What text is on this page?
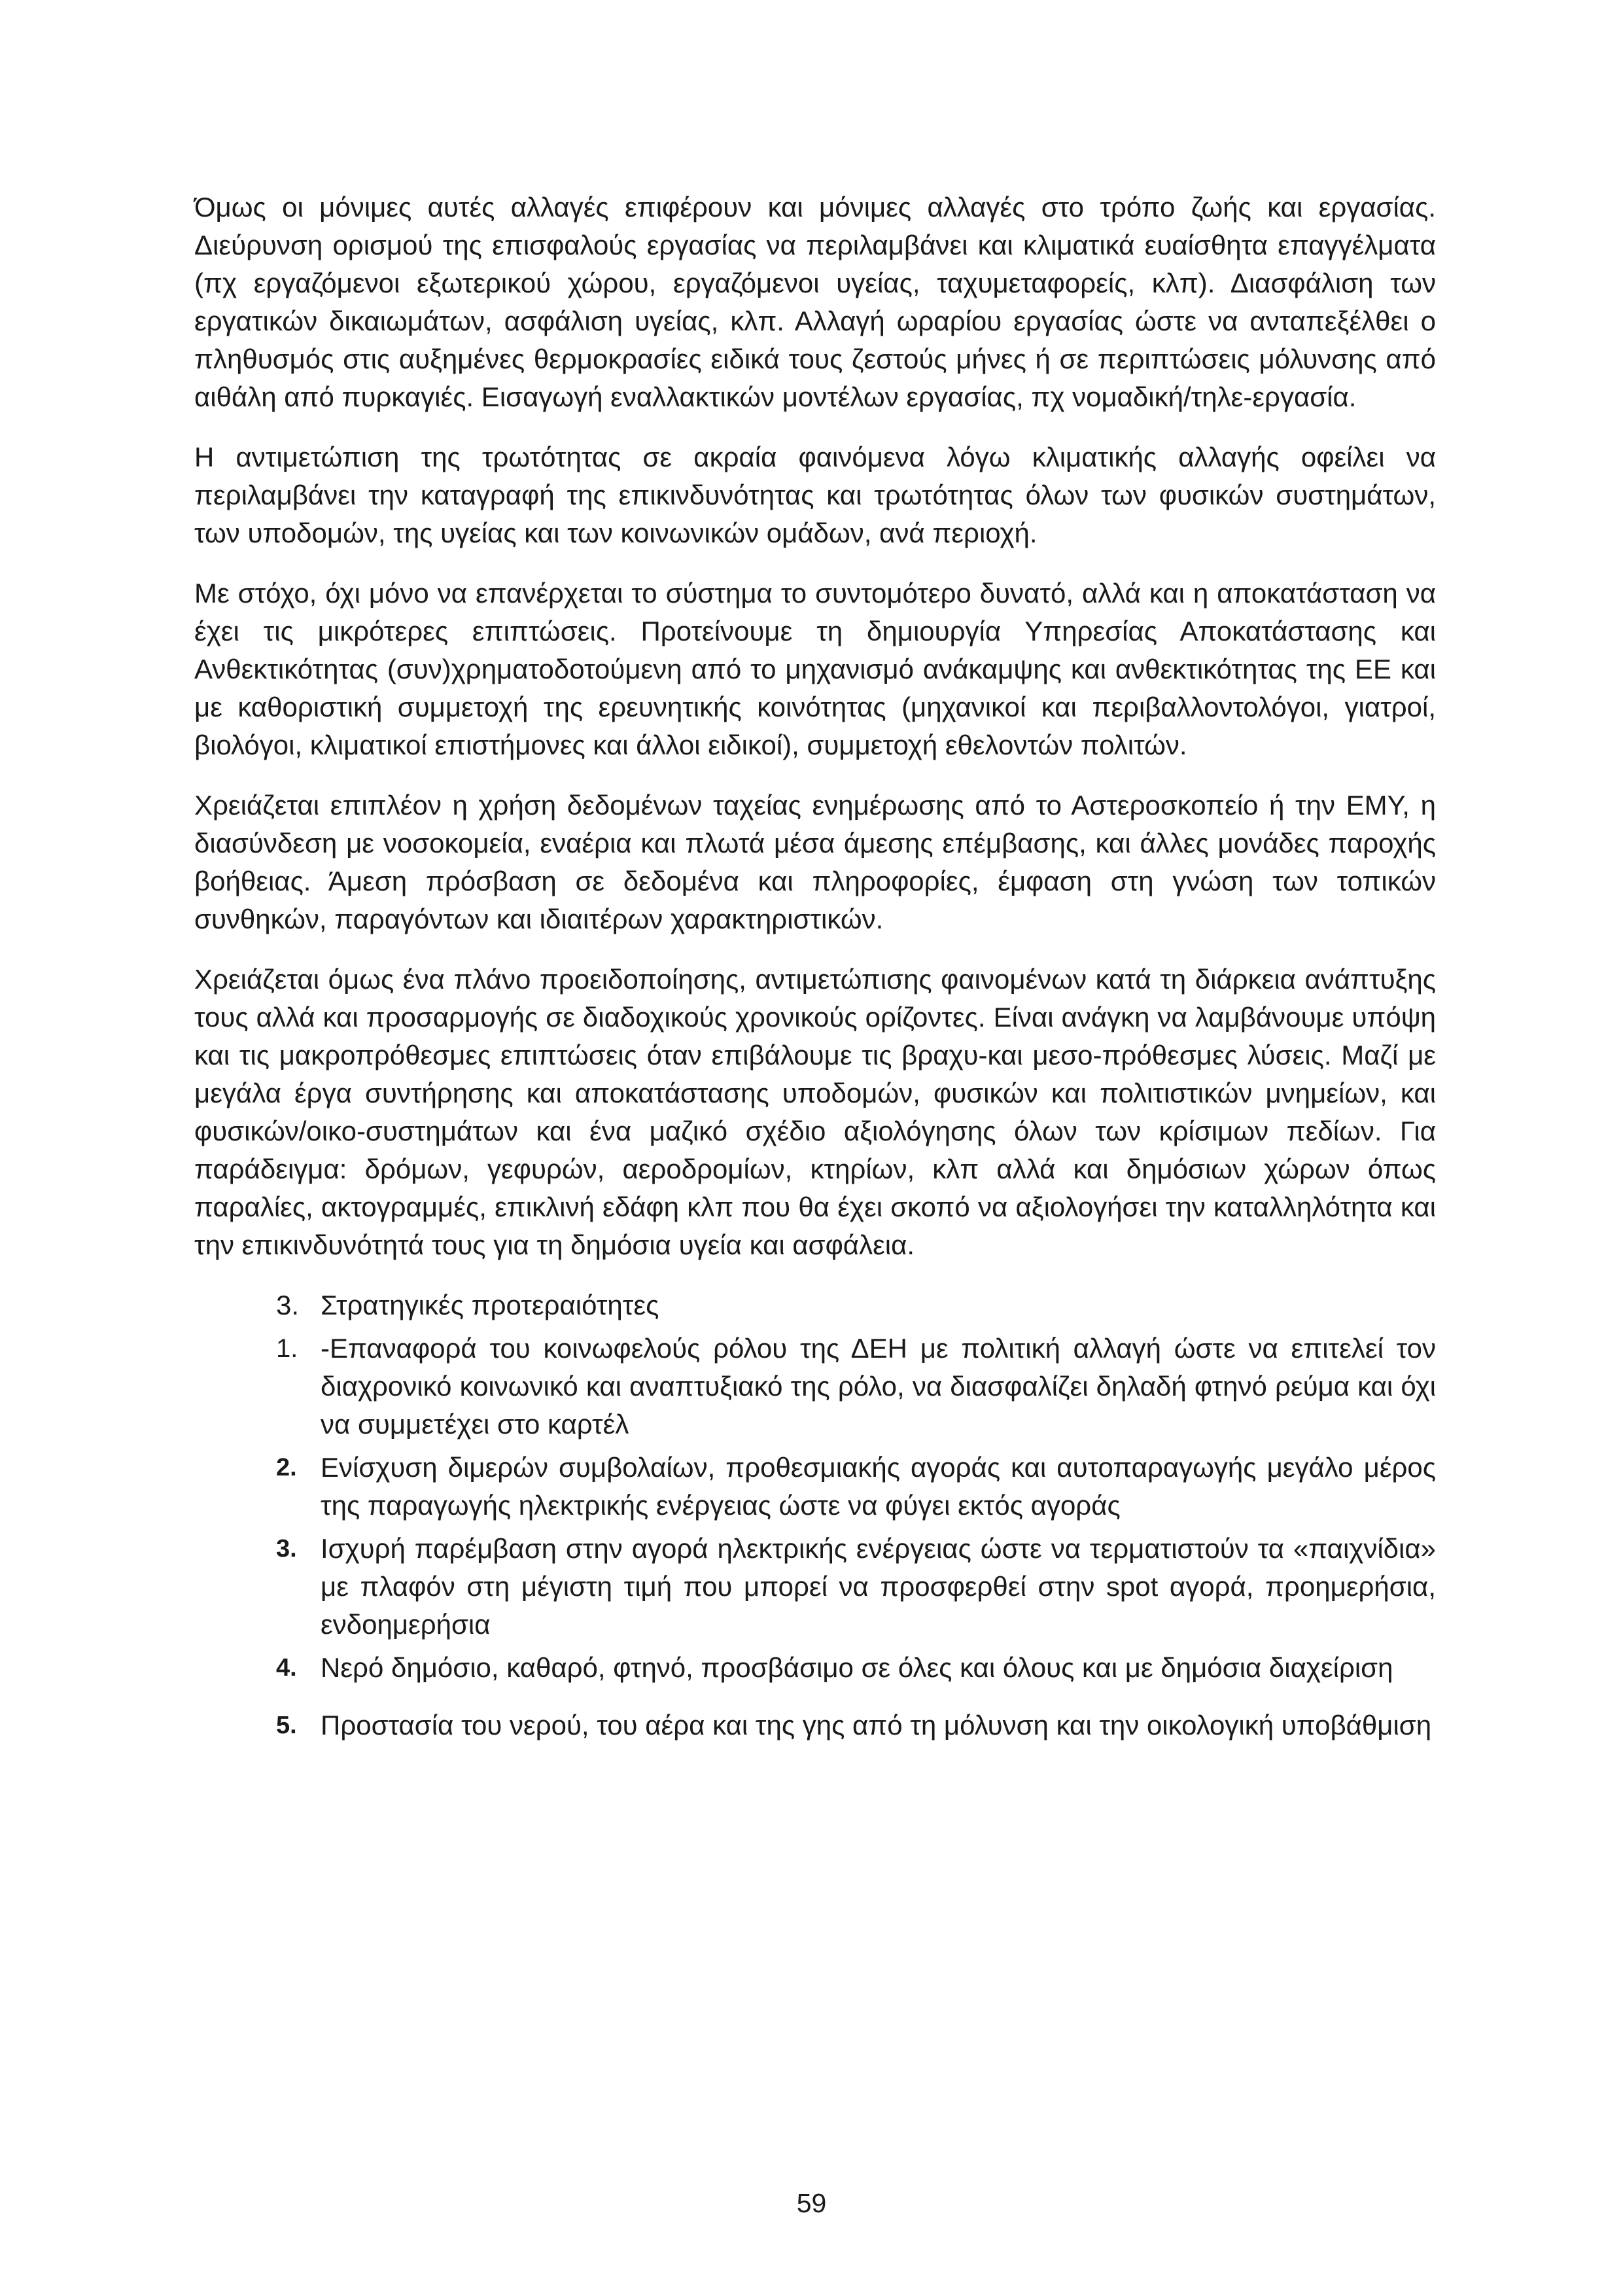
Όμως οι μόνιμες αυτές αλλαγές επιφέρουν και μόνιμες αλλαγές στο τρόπο ζωής και εργασίας. Διεύρυνση ορισμού της επισφαλούς εργασίας να περιλαμβάνει και κλιματικά ευαίσθητα επαγγέλματα (πχ εργαζόμενοι εξωτερικού χώρου, εργαζόμενοι υγείας, ταχυμεταφορείς, κλπ). Διασφάλιση των εργατικών δικαιωμάτων, ασφάλιση υγείας, κλπ. Αλλαγή ωραρίου εργασίας ώστε να ανταπεξέλθει ο πληθυσμός στις αυξημένες θερμοκρασίες ειδικά τους ζεστούς μήνες ή σε περιπτώσεις μόλυνσης από αιθάλη από πυρκαγιές. Εισαγωγή εναλλακτικών μοντέλων εργασίας, πχ νομαδική/τηλε-εργασία.

Η αντιμετώπιση της τρωτότητας σε ακραία φαινόμενα λόγω κλιματικής αλλαγής οφείλει να περιλαμβάνει την καταγραφή της επικινδυνότητας και τρωτότητας όλων των φυσικών συστημάτων, των υποδομών, της υγείας και των κοινωνικών ομάδων, ανά περιοχή.

Με στόχο, όχι μόνο να επανέρχεται το σύστημα το συντομότερο δυνατό, αλλά και η αποκατάσταση να έχει τις μικρότερες επιπτώσεις. Προτείνουμε τη δημιουργία Υπηρεσίας Αποκατάστασης και Ανθεκτικότητας (συν)χρηματοδοτούμενη από το μηχανισμό ανάκαμψης και ανθεκτικότητας της ΕΕ και με καθοριστική συμμετοχή της ερευνητικής κοινότητας (μηχανικοί και περιβαλλοντολόγοι, γιατροί, βιολόγοι, κλιματικοί επιστήμονες και άλλοι ειδικοί), συμμετοχή εθελοντών πολιτών.

Χρειάζεται επιπλέον η χρήση δεδομένων ταχείας ενημέρωσης από το Αστεροσκοπείο ή την ΕΜΥ, η διασύνδεση με νοσοκομεία, εναέρια και πλωτά μέσα άμεσης επέμβασης, και άλλες μονάδες παροχής βοήθειας. Άμεση πρόσβαση σε δεδομένα και πληροφορίες, έμφαση στη γνώση των τοπικών συνθηκών, παραγόντων και ιδιαιτέρων χαρακτηριστικών.

Χρειάζεται όμως ένα πλάνο προειδοποίησης, αντιμετώπισης φαινομένων κατά τη διάρκεια ανάπτυξης τους αλλά και προσαρμογής σε διαδοχικούς χρονικούς ορίζοντες. Είναι ανάγκη να λαμβάνουμε υπόψη και τις μακροπρόθεσμες επιπτώσεις όταν επιβάλουμε τις βραχυ-και μεσο-πρόθεσμες λύσεις. Μαζί με μεγάλα έργα συντήρησης και αποκατάστασης υποδομών, φυσικών και πολιτιστικών μνημείων, και φυσικών/οικο-συστημάτων και ένα μαζικό σχέδιο αξιολόγησης όλων των κρίσιμων πεδίων. Για παράδειγμα: δρόμων, γεφυρών, αεροδρομίων, κτηρίων, κλπ αλλά και δημόσιων χώρων όπως παραλίες, ακτογραμμές, επικλινή εδάφη κλπ που θα έχει σκοπό να αξιολογήσει την καταλληλότητα και την επικινδυνότητά τους για τη δημόσια υγεία και ασφάλεια.

3. Στρατηγικές προτεραιότητες
1. -Επαναφορά του κοινωφελούς ρόλου της ΔΕΗ με πολιτική αλλαγή ώστε να επιτελεί τον διαχρονικό κοινωνικό και αναπτυξιακό της ρόλο, να διασφαλίζει δηλαδή φτηνό ρεύμα και όχι να συμμετέχει στο καρτέλ
2. Ενίσχυση διμερών συμβολαίων, προθεσμιακής αγοράς και αυτοπαραγωγής μεγάλο μέρος της παραγωγής ηλεκτρικής ενέργειας ώστε να φύγει εκτός αγοράς
3. Ισχυρή παρέμβαση στην αγορά ηλεκτρικής ενέργειας ώστε να τερματιστούν τα «παιχνίδια» με πλαφόν στη μέγιστη τιμή που μπορεί να προσφερθεί στην spot αγορά, προημερήσια, ενδοημερήσια
4. Νερό δημόσιο, καθαρό, φτηνό, προσβάσιμο σε όλες και όλους και με δημόσια διαχείριση
5. Προστασία του νερού, του αέρα και της γης από τη μόλυνση και την οικολογική υποβάθμιση
59
